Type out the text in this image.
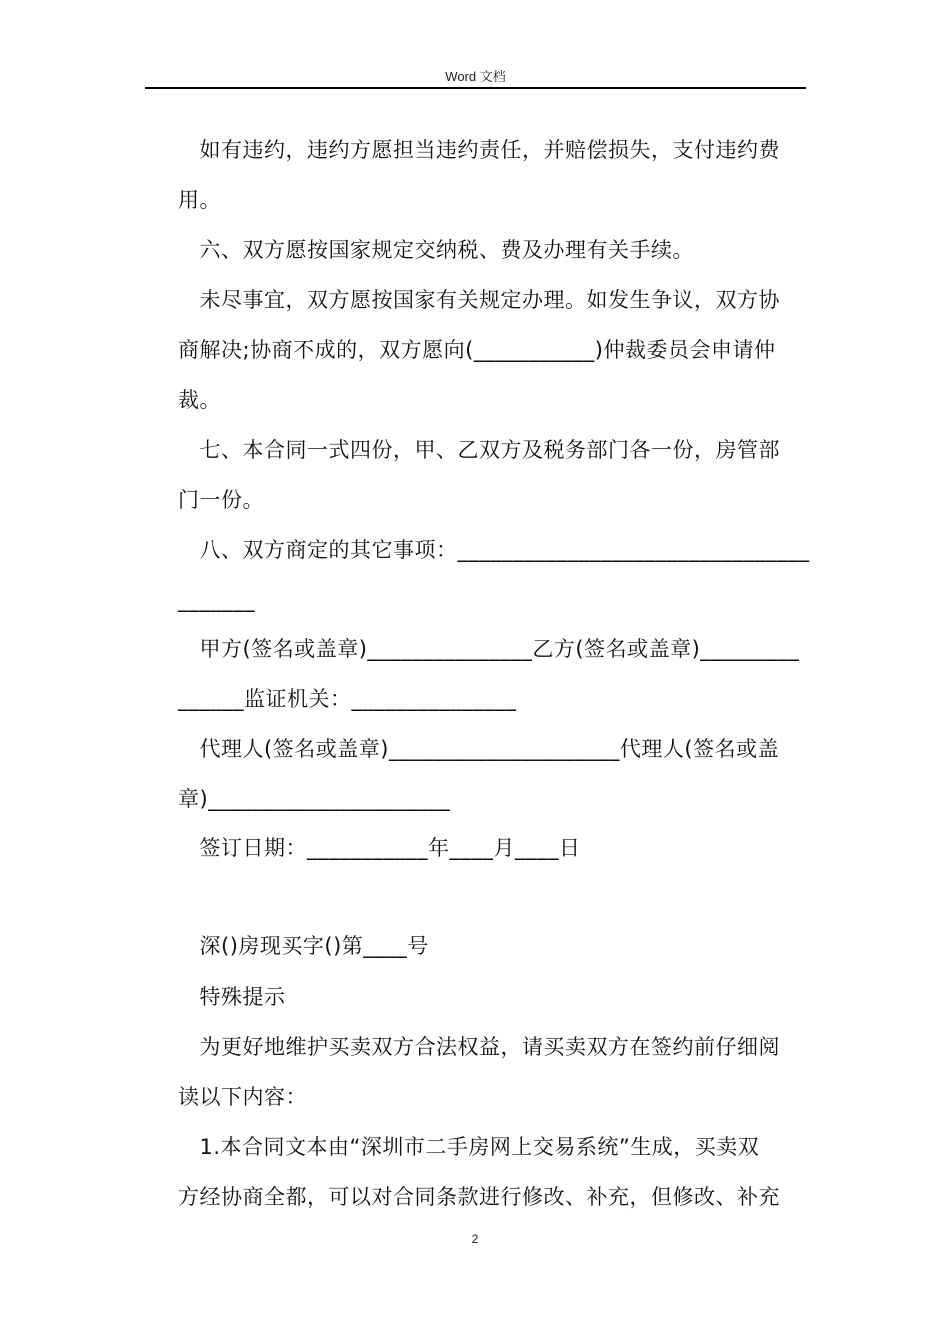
Word 文档
　如有违约，违约方愿担当违约责任，并赔偿损失，支付违约费
用。
　六、双方愿按国家规定交纳税、费及办理有关手续。
　未尽事宜，双方愿按国家有关规定办理。如发生争议，双方协
商解决;协商不成的，双方愿向(___________)仲裁委员会申请仲
裁。
　七、本合同一式四份，甲、乙双方及税务部门各一份，房管部
门一份。
　八、双方商定的其它事项：________________________________
_______
　甲方(签名或盖章)_______________乙方(签名或盖章)_________
______监证机关：_______________
　代理人(签名或盖章)_____________________代理人(签名或盖
章)______________________
　签订日期：___________年____月____日
　深()房现买字()第____号
　特殊提示
　为更好地维护买卖双方合法权益，请买卖双方在签约前仔细阅
读以下内容：
　1.本合同文本由“深圳市二手房网上交易系统”生成，买卖双
方经协商全都，可以对合同条款进行修改、补充，但修改、补充
2
